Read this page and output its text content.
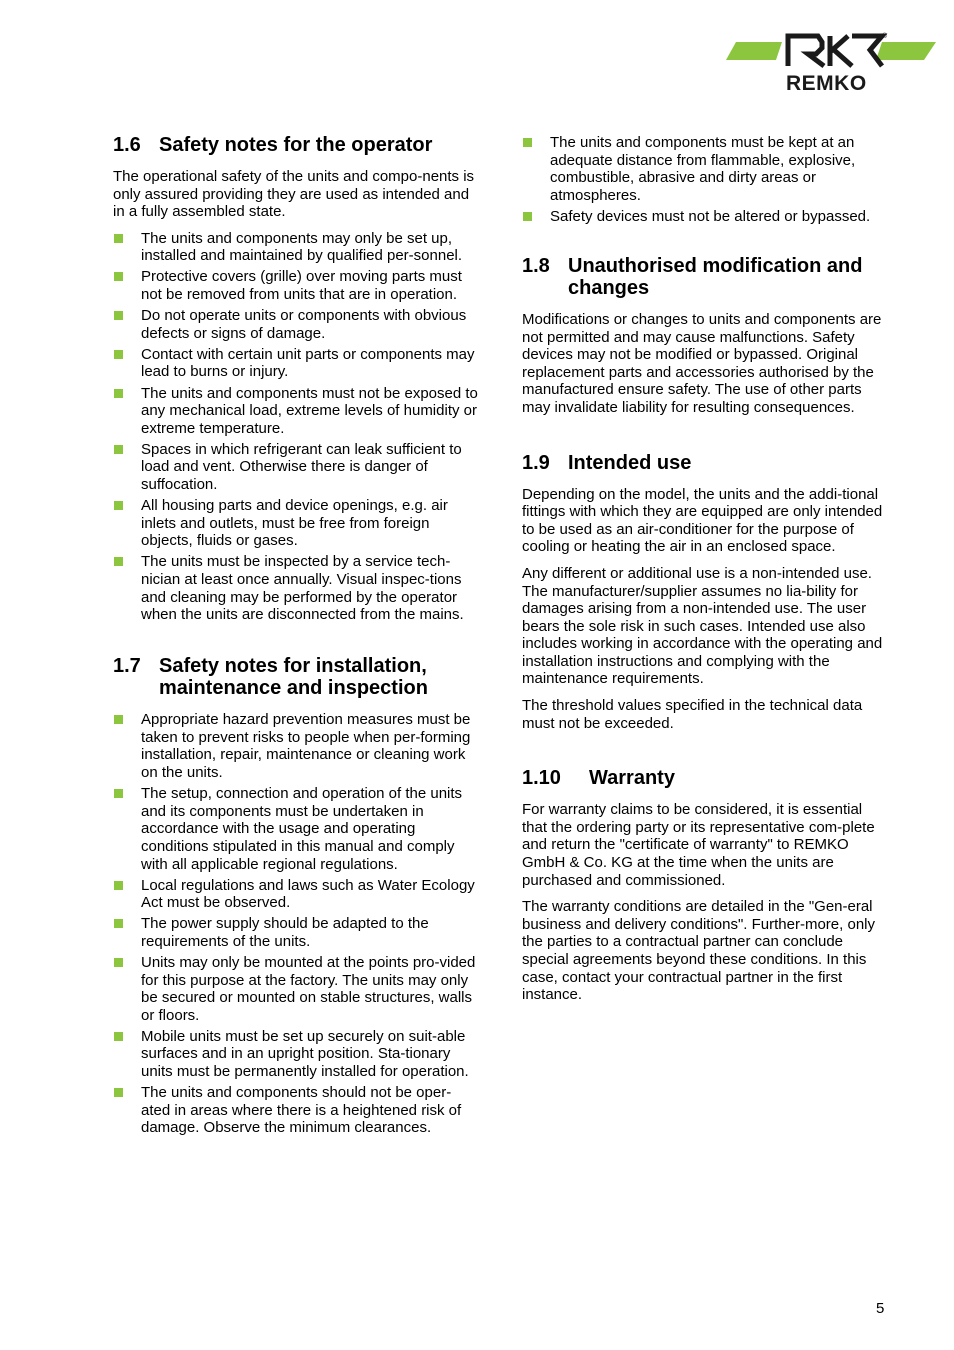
REMKO
®
1.6 Safety notes for the operator

The operational safety of the units and compo-nents is only assured providing they are used as intended and in a fully assembled state.

The units and components may only be set up, installed and maintained by qualified per-sonnel.
Protective covers (grille) over moving parts must not be removed from units that are in operation.
Do not operate units or components with obvious defects or signs of damage.
Contact with certain unit parts or components may lead to burns or injury.
The units and components must not be exposed to any mechanical load, extreme levels of humidity or extreme temperature.
Spaces in which refrigerant can leak sufficient to load and vent. Otherwise there is danger of suffocation.
All housing parts and device openings, e.g. air inlets and outlets, must be free from foreign objects, fluids or gases.
The units must be inspected by a service tech-nician at least once annually. Visual inspec-tions and cleaning may be performed by the operator when the units are disconnected from the mains.
1.7 Safety notes for installation, maintenance and inspection
Appropriate hazard prevention measures must be taken to prevent risks to people when per-forming installation, repair, maintenance or cleaning work on the units.
The setup, connection and operation of the units and its components must be undertaken in accordance with the usage and operating conditions stipulated in this manual and comply with all applicable regional regulations.
Local regulations and laws such as Water Ecology Act must be observed.
The power supply should be adapted to the requirements of the units.
Units may only be mounted at the points pro-vided for this purpose at the factory. The units may only be secured or mounted on stable structures, walls or floors.
Mobile units must be set up securely on suit-able surfaces and in an upright position. Sta-tionary units must be permanently installed for operation.
The units and components should not be oper-ated in areas where there is a heightened risk of damage. Observe the minimum clearances.
The units and components must be kept at an adequate distance from flammable, explosive, combustible, abrasive and dirty areas or atmospheres.
Safety devices must not be altered or bypassed.
1.8 Unauthorised modification and changes

Modifications or changes to units and components are not permitted and may cause malfunctions. Safety devices may not be modified or bypassed. Original replacement parts and accessories authorised by the manufactured ensure safety. The use of other parts may invalidate liability for resulting consequences.

1.9 Intended use

Depending on the model, the units and the addi-tional fittings with which they are equipped are only intended to be used as an air-conditioner for the purpose of cooling or heating the air in an enclosed space.

Any different or additional use is a non-intended use. The manufacturer/supplier assumes no lia-bility for damages arising from a non-intended use. The user bears the sole risk in such cases. Intended use also includes working in accordance with the operating and installation instructions and complying with the maintenance requirements.

The threshold values specified in the technical data must not be exceeded.

1.10	Warranty

For warranty claims to be considered, it is essential that the ordering party or its representative com-plete and return the "certificate of warranty" to REMKO GmbH & Co. KG at the time when the units are purchased and commissioned.

The warranty conditions are detailed in the "Gen-eral business and delivery conditions". Further-more, only the parties to a contractual partner can conclude special agreements beyond these conditions. In this case, contact your contractual partner in the first instance.

5
